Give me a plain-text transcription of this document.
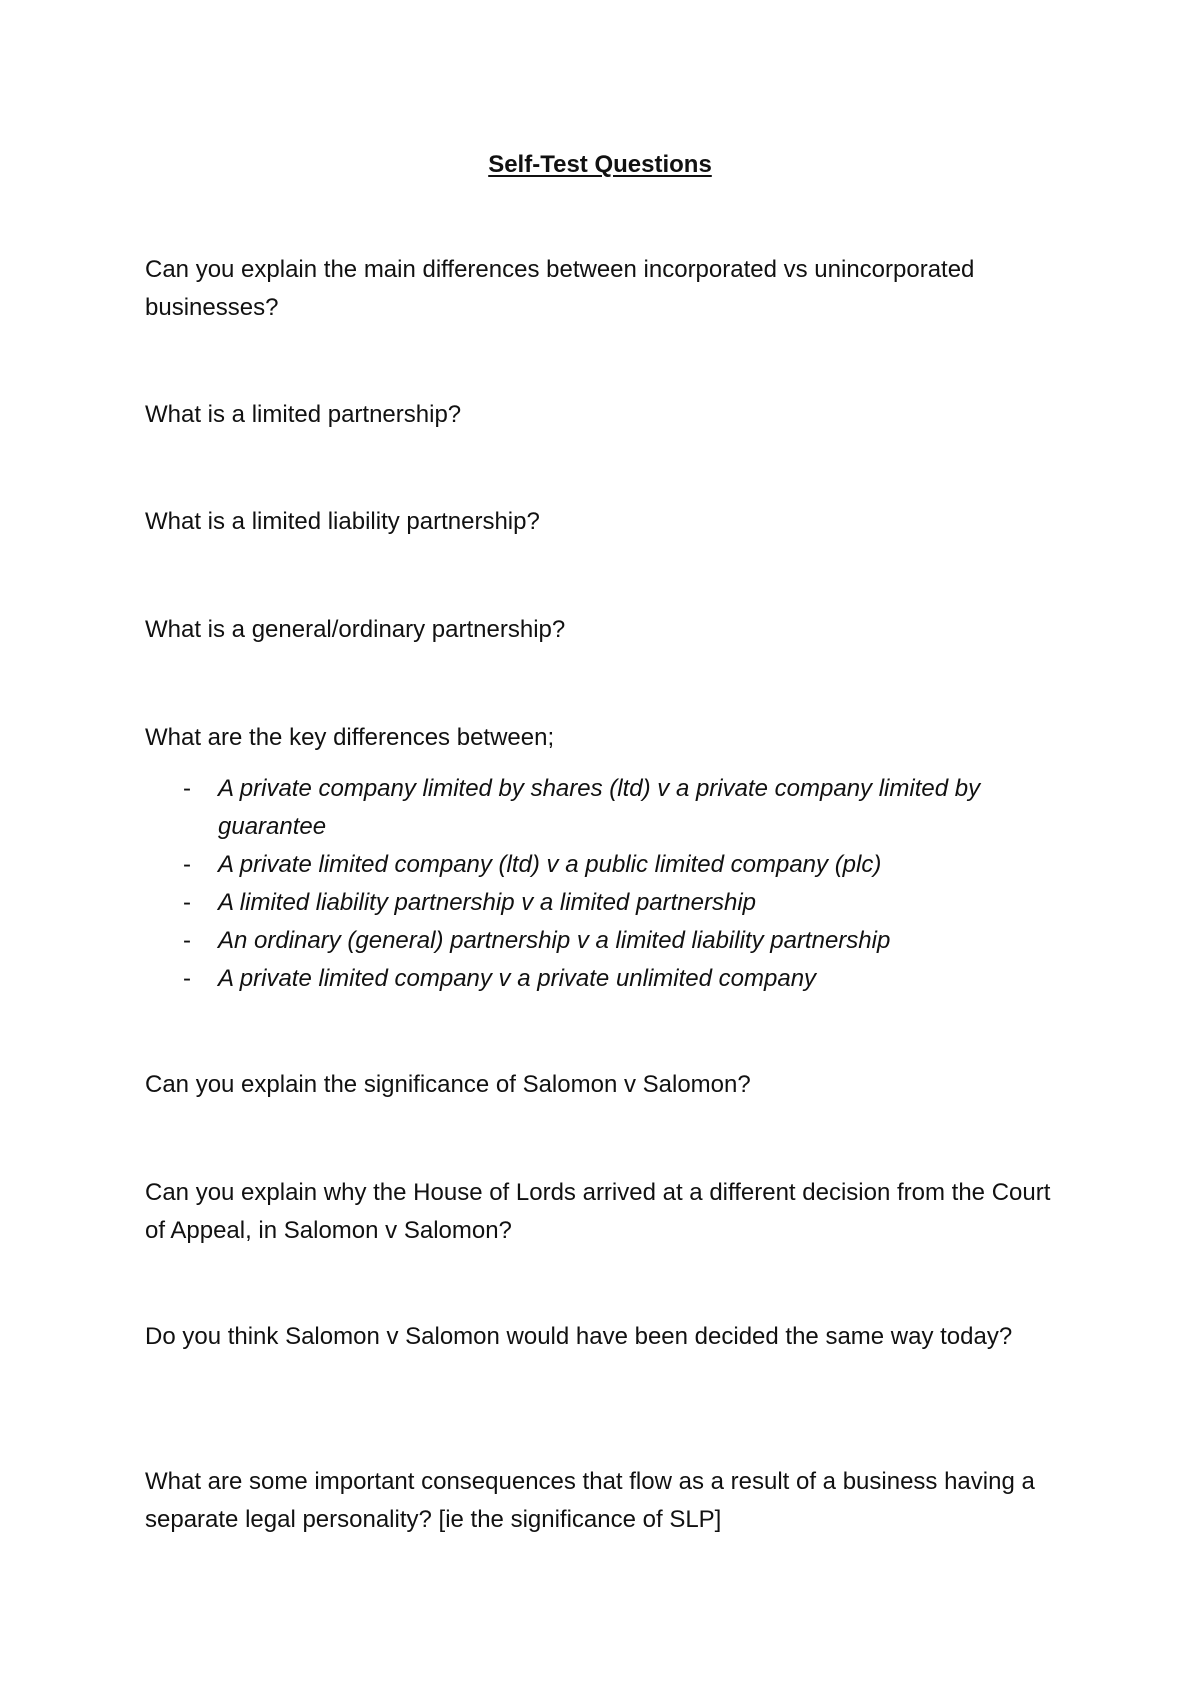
Self-Test Questions

Can you explain the main differences between incorporated vs unincorporated businesses?

What is a limited partnership?

What is a limited liability partnership?

What is a general/ordinary partnership?

What are the key differences between;

- A private company limited by shares (ltd) v a private company limited by guarantee
- A private limited company (ltd) v a public limited company (plc)
- A limited liability partnership v a limited partnership
- An ordinary (general) partnership v a limited liability partnership
- A private limited company v a private unlimited company

Can you explain the significance of Salomon v Salomon?

Can you explain why the House of Lords arrived at a different decision from the Court of Appeal, in Salomon v Salomon?

Do you think Salomon v Salomon would have been decided the same way today?

What are some important consequences that flow as a result of a business having a separate legal personality? [ie the significance of SLP]
